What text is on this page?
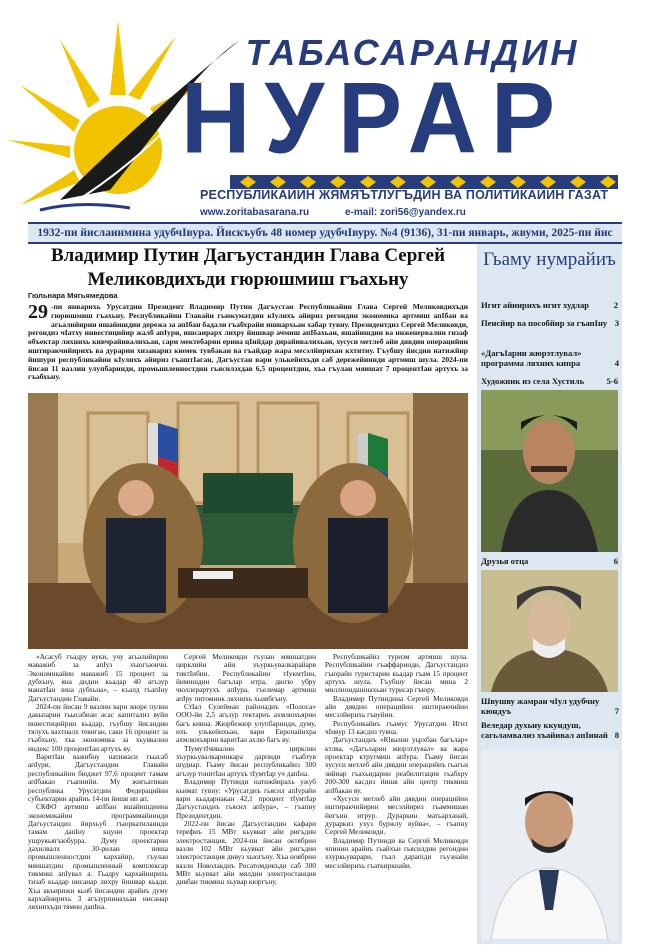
ТАБАСАРАНДИН
НУРАР
РЕСПУБЛИКАЙИН ЖЯМЯЪТЛУГЪДИН ВА ПОЛИТИКАЙИН ГАЗАТ
www.zoritabasarana.ru	e-mail: zori56@yandex.ru
1932-пи йислаинмина удубчIвура. Йискъубъ 48 номер удубчIвуру. №4 (9136), 31-пи январь, жвуми, 2025-пи йис
Владимир Путин Дагъустандин Глава Сергей Меликовдихъди гюрюшмиш гъахьну
Гюльнара Мягьямедова
29 -пи январихь Урусатдин Президент Владимир Путин Дагъустан Республикайин Глава Сергей Меликовдихъди гюрюшмиш гъахьну. Республикайин Главайи гьюкуматдин кIулихъ айириз регондин экономика артмиш апIбан ва агьалийирин яшайишдин дережа за апIбан бадали гъабхрайи ишнархьан хабар тувну. Президентдиз Сергей Меликовди, регондиз чIатху инвестицийир жалб апIури, ишсаирарх лихру йишвар ачмиш апIбахьан, яшайишдин ва инженервалин гизаф объектар ляхнихь кивчрайивалихьан, сари мектебарин ерина цIийдар дирайивалихьан, хусуси метлеб айи дявдин операцийин иштиракчийирихъ ва дурарин хизанариз кюмек тувбакан ва гъайдар жара месэлйирихан кхтитну. Гъубшу йисдин натижйир йишури республикайин кIулихъ айириз гъаштIаган, Дагъустан вари улькейихъди саб дережейиинди артмиш шула. 2024-пи йисан 11 вазлин улупбаринди, промышленностдин гьясилэхдав 6,5 процентдин, хъа гъулан мяишат 7 процентIан артухъ за гъабхьну.

«Асасуб гъадру вуки, учу агьалийирин маважиб за апIуз хъюгъюнчи. Экономикайин маважиб 15 процент за дубхьну, яна дидин кьадар 40 агъзур манатIан зина дубхьна», – къалд гъапIну Дагъустандин Главайи.

2024-пи йисан 9 вазлин вари жюре пулин дакьпарин гьысабиан асас капитализ вуйи инвестицийрин кьадар, гъубшу йисандин тялухъ вахтналх тевиган, саки 16 процент за гъабхьну, хъа экономика за хьуввалин индекс 100 процентIан артухъ ву.

ВаритIан важибну натижаси гьысаб апIури, Дагъустандин Главайи республикайин бюджет 97,6 процент тамам апIбакан гъапиийи. Му жигьатияан республика Урусатдин Федерацийин субъектарин арайиъ 14-пи йишв ип ап.

СКФО артмиш апIбан яшайишдиина экономикайин программайиинди Дагъустандиз йирхьуб гъюркатилаинди тамам дапIну кцуни проектар ушрукьягъюбурра. Думу проектарин дахилвалх 30-рилан ниша промышленностдин кархайир, гъулан мяишатдин промышленный комплексар тикмиш апIувал а. Гьадру кархайнирихь тизаб кьадар нисанар лихру йишвар кьади. Хъа акъирижи кьиб йисандин арайиъ думу кархайнирихь 3 агъзурпинахьан нисанар ляхнихъди тямин дапIна.

Сергей Меликовди гъулан мяишатдин цирклийн айи хъуркьувалкарайарв тиктIибин. Республикайин тIукмтIин, йимишдин багълар итра, дюгю убру чюллерартухъ апIура, гъелемар артмиш апIру питомник ляхнихь хьивбгъну.

СтIал Сулейман районадиъ «Полоса» ООО-йи 2,5 агьзур гектариъ ахмлюхъярин багъ кивна. Жюрбежюр улупбаринди, думу, ихъ улькейихьан, вари Европайихра ахмлюхъярин варитIан ахлю багъ ву.

ТIумутIчивалин цирклин хъуркьувалкаринкара дарпиди гъабтув шудиар. Гьаму йисан республикайиз 300 агъзур тонитIан артухъ тIумтIар уч дапIна.

Владимир Путинди натижйирахь ужуб кьимат тувну: «Урусатдиъ гьясил апIурайи вари кьадарнакан 42,1 процент тIумтIар Дагъустандиъ гьясил апIура», – гъапну Президентдин.

2022-пи йисан Дагъустандин кафари терефиъ 15 МВт кьувват айи ригъдин электростанция, 2024-пи йисан октябрин вазли 102 МВт кьувват айи ригъдин электростанция дивуз хьюгъну. Хъа ноябрин вазли Новолакдиъ Росатомдикъди саб 300 МВт кьувват айи мялдин электростанция дивбан тикмиш хьувар кюргъну.

Республикайиз туризм артмиш шула. Республикайин гъаффаринди, Дагъустандиз гъюрайи туристарин кьадар гъам 15 процент артухъ шула. Гъубшу йисан мина 2 миллиондшинахьан турисар гъюру.

Владимир Путиндина Сергей Меликовди айи дявдин операцийин иштиракчийин месэлйирихь гъвуйин.

Республикайиъ гъамус Урусатдин Игит чIивур 13 касдиз тувна.

Дагъустандиъ «Кlвалин уьрхбан багълар» ктлва, «Дагъларин жюрэтлувал» ва жара проектар ктругмиш апIура. Гьаму йисан хусуси метлеб айи дявдин операцийиъ гьагъи зийиар гъахьидарин реабилитация гьабхру 200-300 касдиз йишв айи центр тикмиш апIбакан ву.

«Хусуси метлеб айи дявдин операцийин иштиракчийирин месэлйириз гьаммишан йигъин итрур. Дураркин матьарханай, дураркиз ухуз буржлу вуйва», – гъапну Сергей Меликовди.

Владимир Путинди ва Сергей Меликовди чпинин арайиъ гьайхъи гьясилдин регондин ххуркьуварари, гъал дарапiди гьузнайи месэлйирихь гъаткиркнайи.

Гьаму нумрайиъ
Игит айиирихъ игит худлар	2
Пенсйир ва пособйир за гъапIну 3
«ДагъIарин жюрэтлувал» программа ляхних кипра	4
Художник из села Хустиль	5-6
Друзья отца	6
Швушву жамран чIул удубчну кюндуъ	7
Веледар духьну ккундуш, сагьламвализ хъайивал апIинай 8
